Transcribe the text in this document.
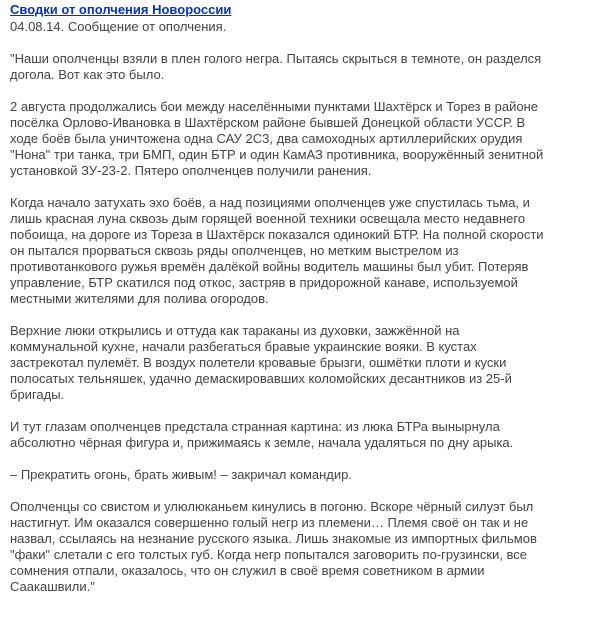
Сводки от ополчения Новороссии
04.08.14. Сообщение от ополчения.

"Наши ополченцы взяли в плен голого негра. Пытаясь скрыться в темноте, он разделся
догола. Вот как это было.

2 августа продолжались бои между населёнными пунктами Шахтёрск и Торез в районе
посёлка Орлово-Ивановка в Шахтёрском районе бывшей Донецкой области УССР. В
ходе боёв была уничтожена одна САУ 2С3, два самоходных артиллерийских орудия
"Нона" три танка, три БМП, один БТР и один КамАЗ противника, вооружённый зенитной
установкой ЗУ-23-2. Пятеро ополченцев получили ранения.

Когда начало затухать эхо боёв, а над позициями ополченцев уже спустилась тьма, и
лишь красная луна сквозь дым горящей военной техники освещала место недавнего
побоища, на дороге из Тореза в Шахтёрск показался одинокий БТР. На полной скорости
он пытался прорваться сквозь ряды ополченцев, но метким выстрелом из
противотанкового ружья времён далёкой войны водитель машины был убит. Потеряв
управление, БТР скатился под откос, застряв в придорожной канаве, используемой
местными жителями для полива огородов.

Верхние люки открылись и оттуда как тараканы из духовки, зажжённой на
коммунальной кухне, начали разбегаться бравые украинские вояки. В кустах
застрекотал пулемёт. В воздух полетели кровавые брызги, ошмётки плоти и куски
полосатых тельняшек, удачно демаскировавших коломойских десантников из 25-й
бригады.

И тут глазам ополченцев предстала странная картина: из люка БТРа вынырнула
абсолютно чёрная фигура и, прижимаясь к земле, начала удаляться по дну арыка.

– Прекратить огонь, брать живым! – закричал командир.

Ополченцы со свистом и улюлюканьем кинулись в погоню. Вскоре чёрный силуэт был
настигнут. Им оказался совершенно голый негр из племени… Племя своё он так и не
назвал, ссылаясь на незнание русского языка. Лишь знакомые из импортных фильмов
"факи" слетали с его толстых губ. Когда негр попытался заговорить по-грузински, все
сомнения отпали, оказалось, что он служил в своё время советником в армии
Саакашвили."
